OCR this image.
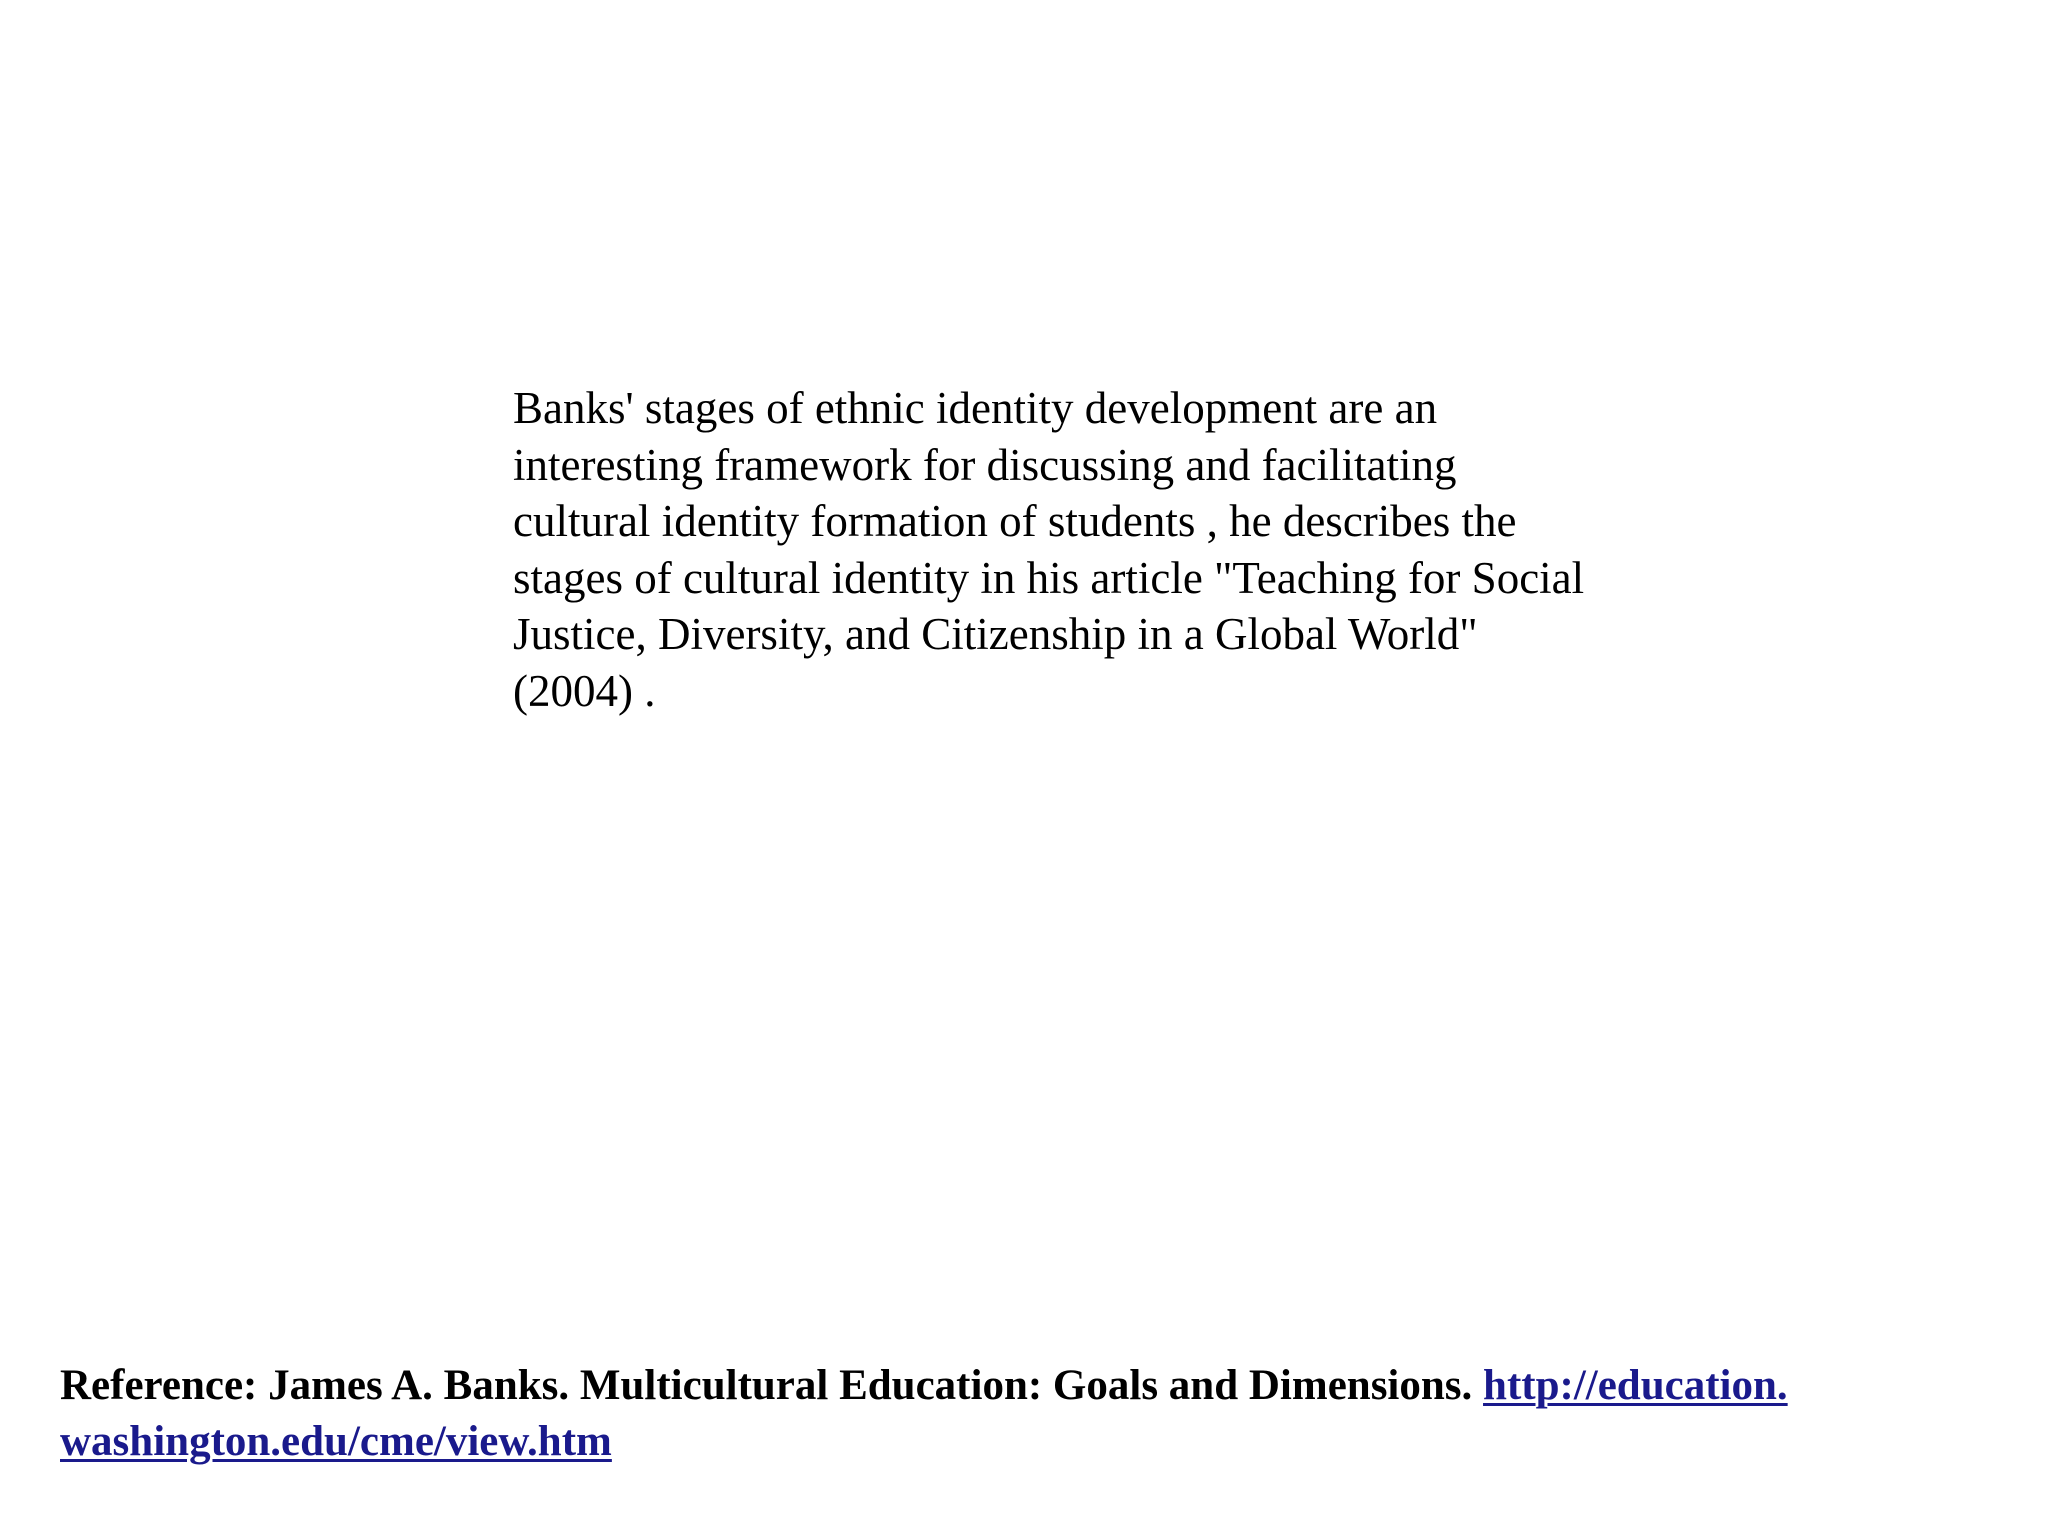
Banks' stages of ethnic identity development are an
interesting framework for discussing and facilitating
cultural identity formation of students , he describes the
stages of cultural identity in his article "Teaching for Social
Justice, Diversity, and Citizenship in a Global World"
(2004) .

Reference: James A. Banks. Multicultural Education: Goals and Dimensions. http://education.
washington.edu/cme/view.htm
